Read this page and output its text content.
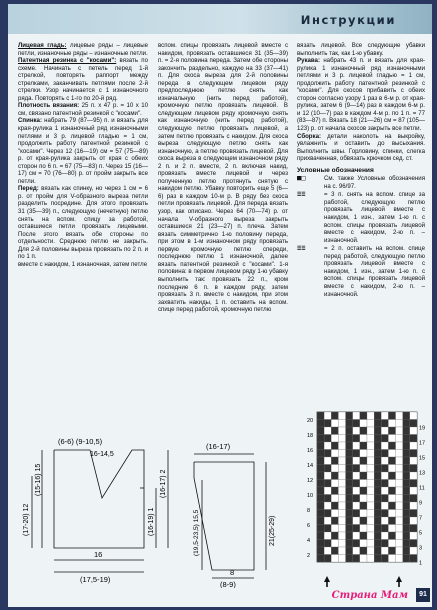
Инструкции

Лицевая гладь: лицевые ряды – лицевые петли, изнаночные ряды – изнаночные петли.

Патентная резинка с "косами": вязать по схеме. Начинать с петель перед 1-й стрелкой, повторять раппорт между стрелками, заканчивать петлями после 2-й стрелки. Узор начинается с 1 изнаночного ряда. Повторять с 1-го по 20-й ряд.

Плотность вязания: 25 п. x 47 р. = 10 x 10 см, связано патентной резинкой с "косами".

Спинка: набрать 79 (87—95) п. и вязать для края-рулика 1 изнаночный ряд изнаночными петлями и 3 р. лицевой гладью = 1 см, продолжить работу патентной резинкой с "косами". Через 12 (16—19) см = 57 (75—89) р. от края-рулика закрыть от края с обеих сторон по 6 п. = 67 (75—83) п. Через 15 (16—17) см = 70 (76—80) р. от пройм закрыть все петли.

Перед: вязать как спинку, но через 1 см = 6 р. от пройм для V-образного выреза петли разделить посредине. Для этого провязать 31 (35—39) п., следующую (нечетную) петлю снять на вспом. спицу за работой, оставшиеся петли провязать лицевыми. После этого вязать обе стороны по отдельности. Среднюю петлю не закрыть. Для 2-й половины выреза провязать по 2 п. и по 1 п.

вместе с накидом, 1 изнаночная, затем петле

вспом. спицы провязать лицевой вместе с накидом, провязать оставшиеся 31 (35—39) п. = 2-я половина переда. Затем обе стороны закончить раздельно, каждую на 33 (37—41) п. Для скоса выреза для 2-й половины переда в следующем лицевом ряду предпоследнюю петлю снять как изначальную (нить перед работой), кромочную петлю провязать лицевой. В следующем лицевом ряду кромочную снять как изнаночную (нить перед работой), следующую петлю провязать лицевой, а затем петлю провязать с накидом. Для скоса выреза следующую петлю снять как изнаночную, а петлю провязать лицевой. Для скоса выреза в следующем изнаночном ряду 2 п. и 2 п. вместе, 2 п. включая накид, провязать вместе лицевой и через полученную петлю протянуть снятую с накидом петлю. Убавку повторить еще 5 (6—6) раз в каждом 10-м р. В ряду без скоса петли провязать лицевой. Для переда вязать узор, как описано. Через 64 (70—74) р. от начала V-образного выреза закрыть оставшиеся 21 (23—27) п. плеча. Затем вязать симметрично 1-ю половину переда, при этом в 1-м изнаночном ряду провязать первую кромочную петлю спереди, последнюю петлю 1 изнаночной, далее вязать патентной резинкой с "косами". 1-я половина: в первом лицевом ряду 1-ю убавку выполнить так: провязать 22 п., кром последние 6 п. в каждом ряду, затем провязать 3 п. вместе с накидом, при этом захватить накиды, 1 п. оставить на вспом. спице перед работой, кромочную петлю

вязать лицевой. Все следующие убавки выполнить так, как 1-ю убавку.

Рукава: набрать 43 п. и вязать для края-рулика 1 изнаночный ряд изнаночными петлями и 3 р. лицевой гладью = 1 см, продолжить работу патентной резинкой с "косами". Для скосов прибавить с обеих сторон согласно узору 1 раз в 6-м р. от края-рулика, затем 6 (9—14) раз в каждом 6-м р. и 12 (10—7) раз в каждом 4-м р. по 1 п. = 77 (83—87) п. Вязать 18 (21—26) см = 87 (105—123) р. от начала скосов закрыть все петли.

Сборка: детали наколоть на выкройку, увлажнить и оставить до высыхания. Выполнить швы. Горловину, спинки, слегка прихваченная, обвязать крючком сед. ст.

Условные обозначения
■□	См. также Условные обозначения на с. 96/97.
≡≡	= 3 п. снять на вспом. спице за работой, следующую петлю провязать лицевой вместе с накидом, 1 изн., затем 1-ю п. с вспом. спицы провязать лицевой вместе с накидом, 2-ю п. – изнаночной.
≡≡	= 2 п. оставить на вспом. спице перед работой, следующую петлю провязать лицевой вместе с накидом, 1 изн., затем 1-ю п. с вспом. спицы провязать лицевой вместе с накидом, 2-ю п. – изнаночной.
(6-6) (9-10,5)
16-14,5
(17-20) 12
(15-16) 15
(16-19) 1
(16-17) 2
16
(17,5-19)
(16-17)
(19,5-23,5) 15,5	21(25-29)
8
(8-9)
20
18
16
14
12
10
8
6
4
2
19
17
15
13
11
9
7
5
3
1
Страна Мам	91
